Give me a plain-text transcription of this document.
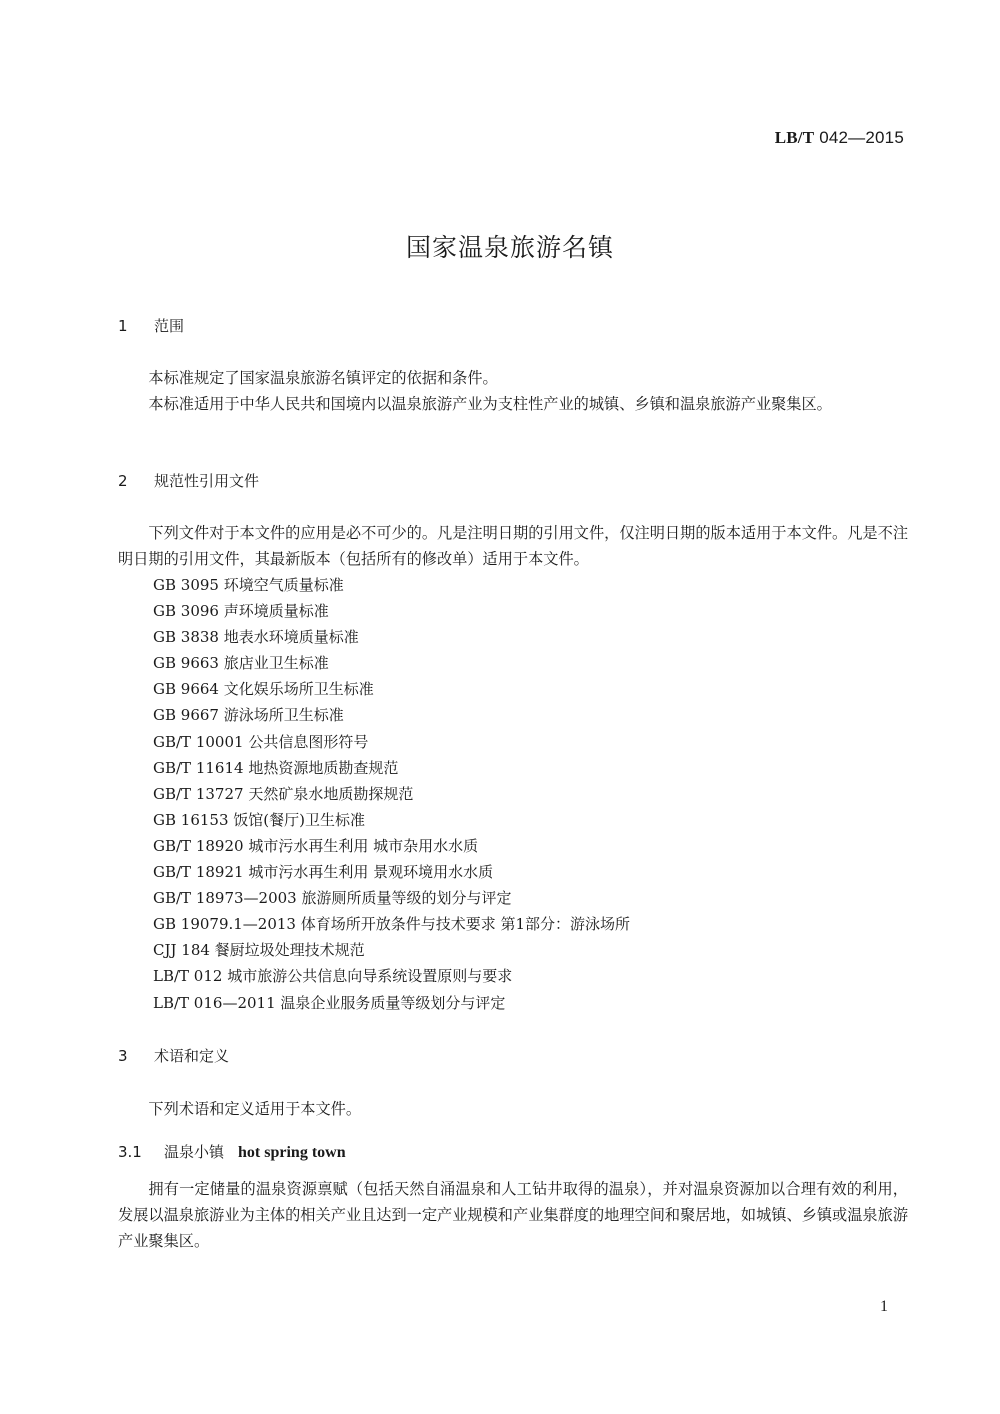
LB/T 042—2015
国家温泉旅游名镇
1 范围
本标准规定了国家温泉旅游名镇评定的依据和条件。
本标准适用于中华人民共和国境内以温泉旅游产业为支柱性产业的城镇、乡镇和温泉旅游产业聚集区。
2 规范性引用文件
下列文件对于本文件的应用是必不可少的。凡是注明日期的引用文件，仅注明日期的版本适用于本文件。凡是不注明日期的引用文件，其最新版本（包括所有的修改单）适用于本文件。
GB 3095 环境空气质量标准
GB 3096 声环境质量标准
GB 3838 地表水环境质量标准
GB 9663 旅店业卫生标准
GB 9664 文化娱乐场所卫生标准
GB 9667 游泳场所卫生标准
GB/T 10001 公共信息图形符号
GB/T 11614 地热资源地质勘查规范
GB/T 13727 天然矿泉水地质勘探规范
GB 16153 饭馆(餐厅)卫生标准
GB/T 18920 城市污水再生利用 城市杂用水水质
GB/T 18921 城市污水再生利用 景观环境用水水质
GB/T 18973—2003 旅游厕所质量等级的划分与评定
GB 19079.1—2013 体育场所开放条件与技术要求 第1部分：游泳场所
CJJ 184 餐厨垃圾处理技术规范
LB/T 012 城市旅游公共信息向导系统设置原则与要求
LB/T 016—2011 温泉企业服务质量等级划分与评定
3 术语和定义
下列术语和定义适用于本文件。
3.1 温泉小镇 hot spring town
拥有一定储量的温泉资源禀赋（包括天然自涌温泉和人工钻井取得的温泉），并对温泉资源加以合理有效的利用，发展以温泉旅游业为主体的相关产业且达到一定产业规模和产业集群度的地理空间和聚居地，如城镇、乡镇或温泉旅游产业聚集区。
1
